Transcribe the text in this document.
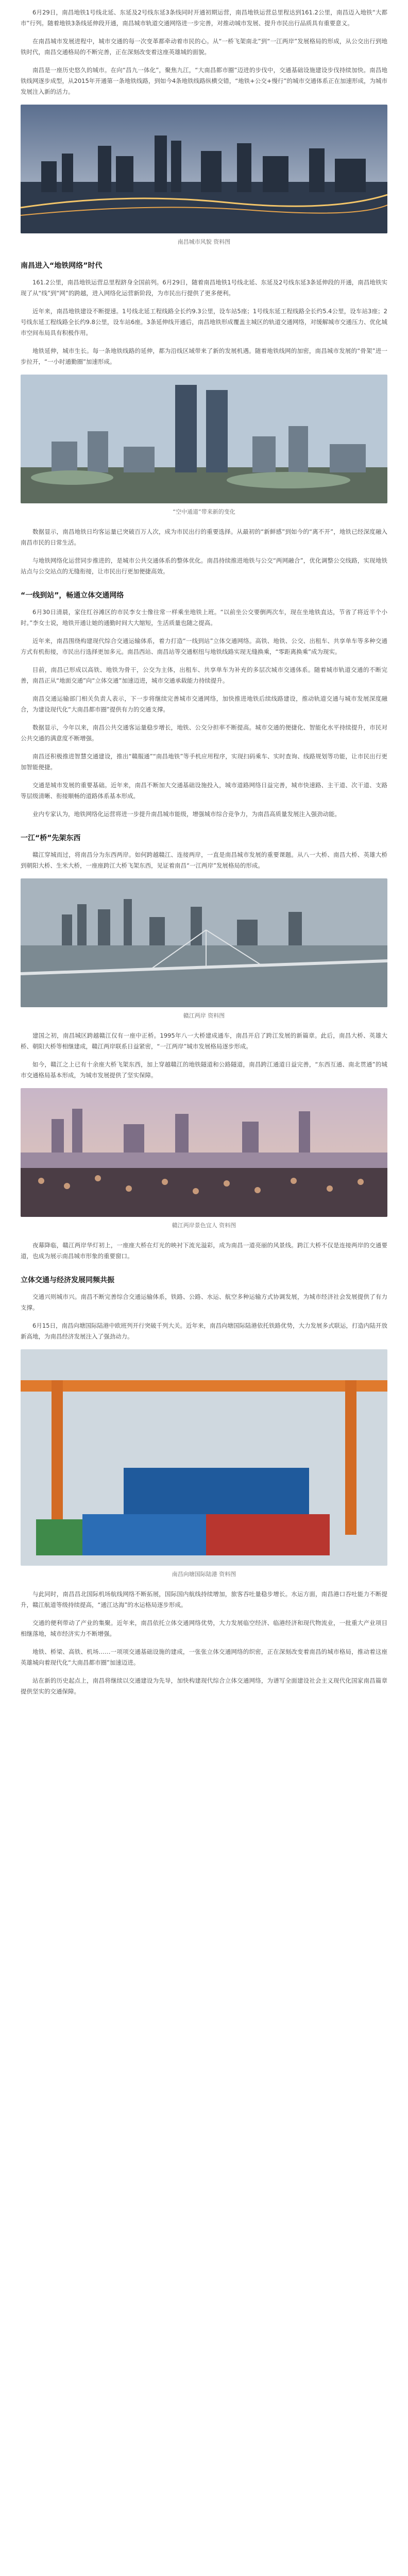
6月29日，南昌地铁1号线北延、东延及2号线东延3条线同时开通初期运营，南昌地铁运营总里程达到161.2公里，南昌迈入地铁“大都市”行列。随着地铁3条线延伸段开通，南昌城市轨道交通网络进一步完善，对推动城市发展、提升市民出行品质具有重要意义。

在南昌城市发展进程中，城市交通的每一次变革都牵动着市民的心。从“一桥飞架南北”到“一江两岸”发展格局的形成，从公交出行到地铁时代，南昌交通格局的不断完善，正在深刻改变着这座英雄城的面貌。

南昌是一座历史悠久的城市。在向“昌九一体化”，聚焦九江，“大南昌都市圈”迈进的步伐中，交通基础设施建设步伐持续加快。南昌地铁线网逐步成型，从2015年开通第一条地铁线路，到如今4条地铁线路纵横交错，“地铁+公交+慢行”的城市交通体系正在加速形成，为城市发展注入新的活力。

南昌城市风貌 资料图

南昌进入“地铁网络”时代

161.2公里，南昌地铁运营总里程跻身全国前列。6月29日，随着南昌地铁1号线北延、东延及2号线东延3条延伸段的开通，南昌地铁实现了从“线”到“网”的跨越，进入网络化运营新阶段，为市民出行提供了更多便利。

近年来，南昌地铁建设不断提速。1号线北延工程线路全长约9.3公里，设车站5座；1号线东延工程线路全长约5.4公里，设车站3座；2号线东延工程线路全长约9.8公里，设车站6座。3条延伸线开通后，南昌地铁形成覆盖主城区的轨道交通网络，对缓解城市交通压力、优化城市空间布局具有积极作用。

地铁延伸，城市生长。每一条地铁线路的延伸，都为沿线区域带来了新的发展机遇。随着地铁线网的加密，南昌城市发展的“骨架”进一步拉开，“一小时通勤圈”加速形成。

“空中通道”带来新的变化

数据显示，南昌地铁日均客运量已突破百万人次，成为市民出行的重要选择。从最初的“新鲜感”到如今的“离不开”，地铁已经深度融入南昌市民的日常生活。

与地铁网络化运营同步推进的，是城市公共交通体系的整体优化。南昌持续推进地铁与公交“两网融合”，优化调整公交线路，实现地铁站点与公交站点的无缝衔接，让市民出行更加便捷高效。

“一线到站”，畅通立体交通网络

6月30日清晨，家住红谷滩区的市民李女士像往常一样乘坐地铁上班。“以前坐公交要倒两次车，现在坐地铁直达，节省了将近半个小时。”李女士说，地铁开通让她的通勤时间大大缩短，生活质量也随之提高。

近年来，南昌围绕构建现代综合交通运输体系，着力打造“一线到站”立体交通网络。高铁、地铁、公交、出租车、共享单车等多种交通方式有机衔接，市民出行选择更加多元。南昌西站、南昌站等交通枢纽与地铁线路实现无缝换乘，“零距离换乘”成为现实。

目前，南昌已形成以高铁、地铁为骨干，公交为主体，出租车、共享单车为补充的多层次城市交通体系。随着城市轨道交通的不断完善，南昌正从“地面交通”向“立体交通”加速迈进，城市交通承载能力持续提升。

南昌交通运输部门相关负责人表示，下一步将继续完善城市交通网络，加快推进地铁后续线路建设，推动轨道交通与城市发展深度融合，为建设现代化“大南昌都市圈”提供有力的交通支撑。

数据显示，今年以来，南昌公共交通客运量稳步增长，地铁、公交分担率不断提高。城市交通的便捷化、智能化水平持续提升，市民对公共交通的满意度不断增强。

南昌还积极推进智慧交通建设，推出“赣服通”“南昌地铁”等手机应用程序，实现扫码乘车、实时查询、线路规划等功能，让市民出行更加智能便捷。

交通是城市发展的重要基础。近年来，南昌不断加大交通基础设施投入，城市道路网络日益完善，城市快速路、主干道、次干道、支路等层级清晰、衔接顺畅的道路体系基本形成。

业内专家认为，地铁网络化运营将进一步提升南昌城市能级，增强城市综合竞争力，为南昌高质量发展注入强劲动能。

一江“桥”先架东西

赣江穿城而过，将南昌分为东西两岸。如何跨越赣江、连接两岸，一直是南昌城市发展的重要课题。从八一大桥、南昌大桥、英雄大桥到朝阳大桥、生米大桥，一座座跨江大桥飞架东西，见证着南昌“一江两岸”发展格局的形成。

赣江两岸 资料图

建国之初，南昌城区跨越赣江仅有一座中正桥。1995年八一大桥建成通车，南昌开启了跨江发展的新篇章。此后，南昌大桥、英雄大桥、朝阳大桥等相继建成，赣江两岸联系日益紧密，“一江两岸”城市发展格局逐步形成。

如今，赣江之上已有十余座大桥飞架东西，加上穿越赣江的地铁隧道和公路隧道，南昌跨江通道日益完善，“东西互通、南北贯通”的城市交通格局基本形成，为城市发展提供了坚实保障。

赣江两岸景色宜人 资料图

夜幕降临，赣江两岸华灯初上，一座座大桥在灯光的映衬下流光溢彩，成为南昌一道亮丽的风景线。跨江大桥不仅是连接两岸的交通要道，也成为展示南昌城市形象的重要窗口。

立体交通与经济发展同频共振

交通兴则城市兴。南昌不断完善综合交通运输体系，铁路、公路、水运、航空多种运输方式协调发展，为城市经济社会发展提供了有力支撑。

6月15日，南昌向塘国际陆港中欧班列开行突破千列大关。近年来，南昌向塘国际陆港依托铁路优势，大力发展多式联运，打造内陆开放新高地，为南昌经济发展注入了强劲动力。

南昌向塘国际陆港 资料图

与此同时，南昌昌北国际机场航线网络不断拓展，国际国内航线持续增加，旅客吞吐量稳步增长。水运方面，南昌港口吞吐能力不断提升，赣江航道等级持续提高，“通江达海”的水运格局逐步形成。

交通的便利带动了产业的集聚。近年来，南昌依托立体交通网络优势，大力发展临空经济、临港经济和现代物流业，一批重大产业项目相继落地，城市经济实力不断增强。

地铁、桥梁、高铁、机场……一项项交通基础设施的建成，一张张立体交通网络的织密，正在深刻改变着南昌的城市格局，推动着这座英雄城向着现代化“大南昌都市圈”加速迈进。

站在新的历史起点上，南昌将继续以交通建设为先导，加快构建现代综合立体交通网络，为谱写全面建设社会主义现代化国家南昌篇章提供坚实的交通保障。
